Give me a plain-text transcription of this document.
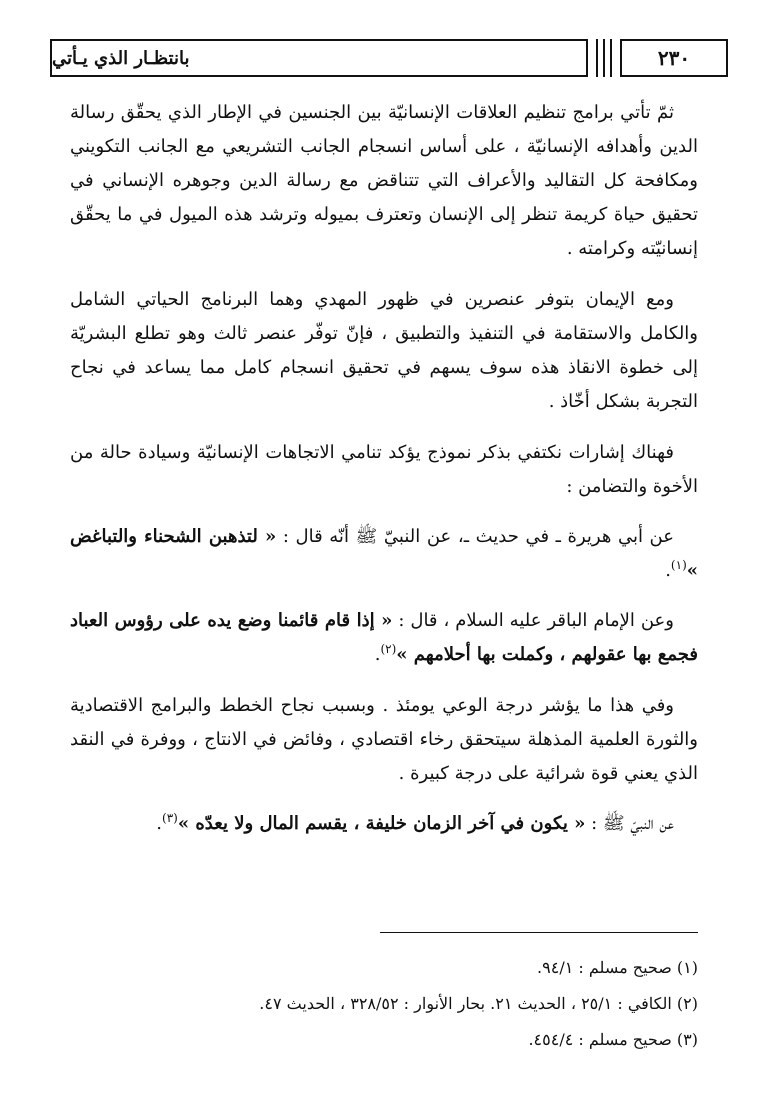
بانتظـار الذي يـأتي	٢٣٠

ثمّ تأتي برامج تنظيم العلاقات الإنسانيّة بين الجنسين في الإطار الذي يحقّق رسالة الدين وأهدافه الإنسانيّة ، على أساس انسجام الجانب التشريعي مع الجانب التكويني ومكافحة كل التقاليد والأعراف التي تتناقض مع رسالة الدين وجوهره الإنساني في تحقيق حياة كريمة تنظر إلى الإنسان وتعترف بميوله وترشد هذه الميول في ما يحقّق إنسانيّته وكرامته .

ومع الإيمان بتوفر عنصرين في ظهور المهدي وهما البرنامج الحياتي الشامل والكامل والاستقامة في التنفيذ والتطبيق ، فإنّ توفّر عنصر ثالث وهو تطلع البشريّة إلى خطوة الانقاذ هذه سوف يسهم في تحقيق انسجام كامل مما يساعد في نجاح التجربة بشكل أخّاذ .

فهناك إشارات نكتفي بذكر نموذج يؤكد تنامي الاتجاهات الإنسانيّة وسيادة حالة من الأخوة والتضامن :

عن أبي هريرة ـ في حديث ـ، عن النبيّ ﷺ أنّه قال : « لتذهبن الشحناء والتباغض »$^{(١)}$.

وعن الإمام الباقر عليه السلام ، قال : « إذا قام قائمنا وضع يده على رؤوس العباد فجمع بها عقولهم ، وكملت بها أحلامهم »$^{(٢)}$.

وفي هذا ما يؤشر درجة الوعي يومئذ . وبسبب نجاح الخطط والبرامج الاقتصادية والثورة العلمية المذهلة سيتحقق رخاء اقتصادي ، وفائض في الانتاج ، ووفرة في النقد الذي يعني قوة شرائية على درجة كبيرة .

عن النبيّ ﷺ : « يكون في آخر الزمان خليفة ، يقسم المال ولا يعدّه »$^{(٣)}$.

(١) صحيح مسلم : ٩٤/١.
(٢) الكافي : ٢٥/١ ، الحديث ٢١. بحار الأنوار : ٣٢٨/٥٢ ، الحديث ٤٧.
(٣) صحيح مسلم : ٤٥٤/٤.
